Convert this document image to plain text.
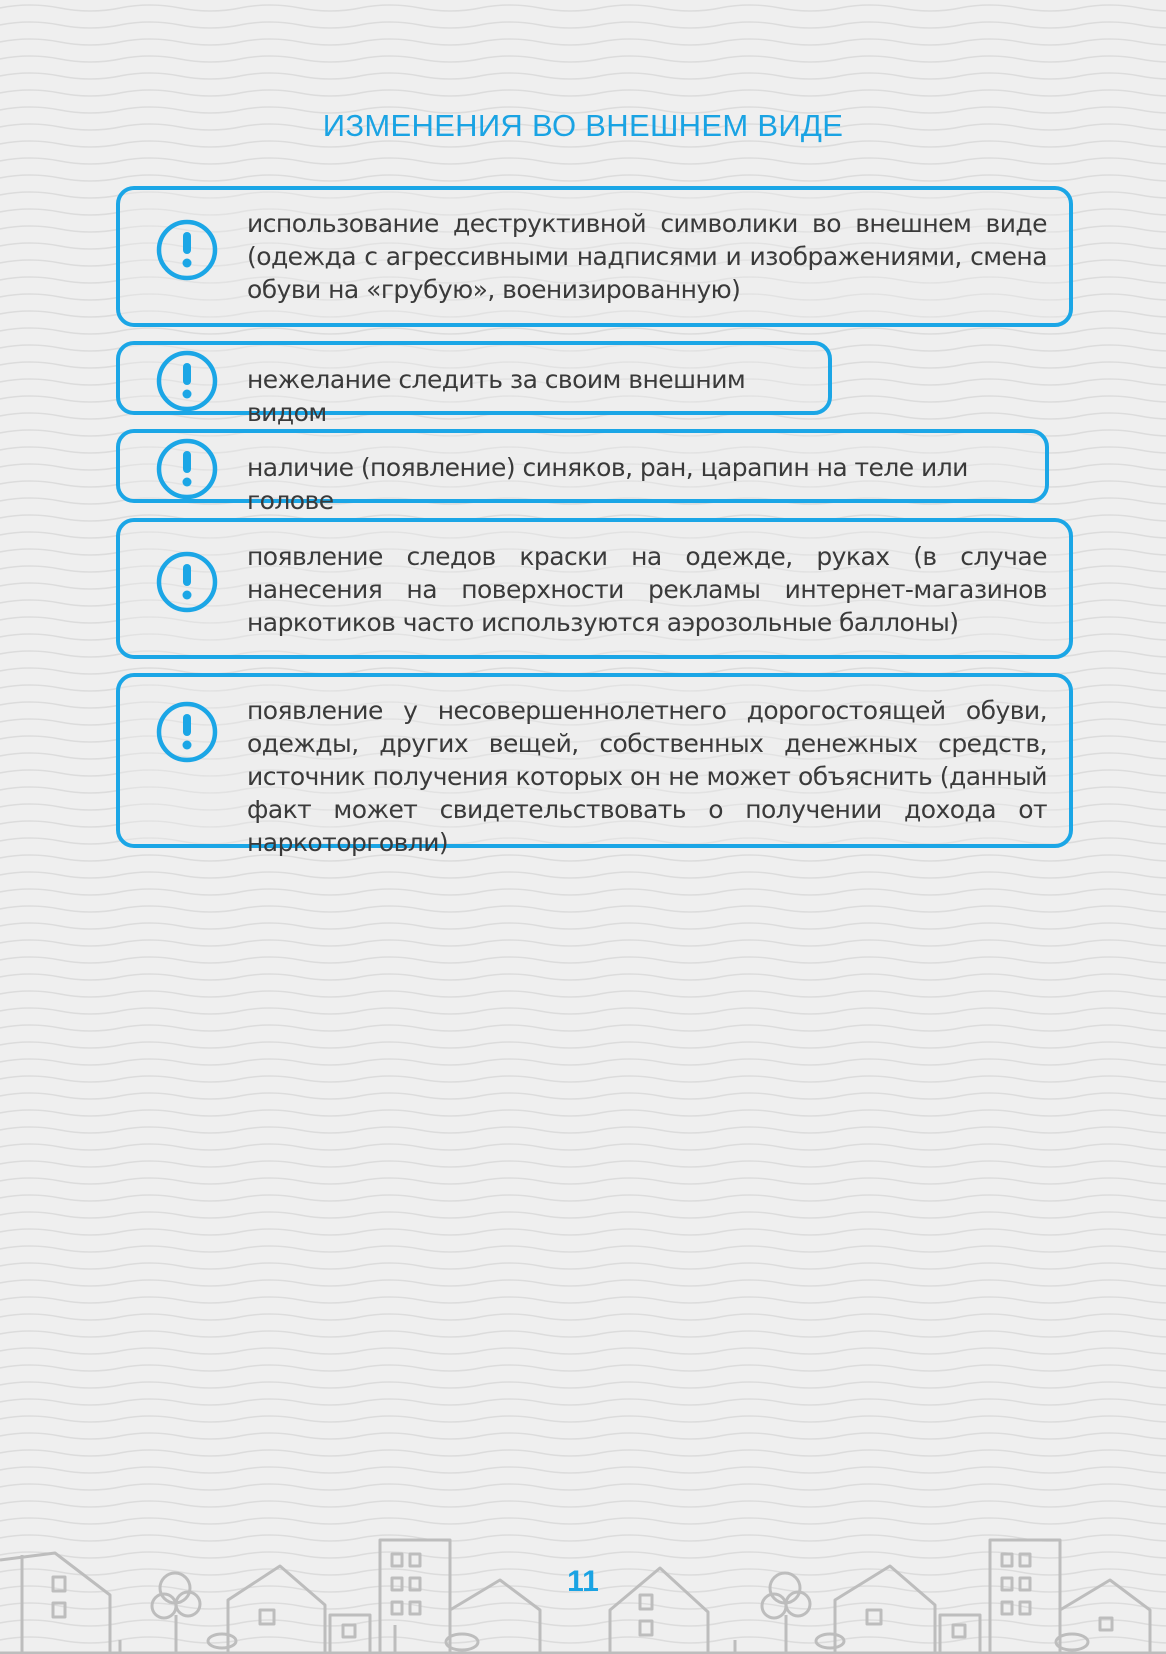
ИЗМЕНЕНИЯ ВО ВНЕШНЕМ ВИДЕ
использование деструктивной символики во внешнем виде (одежда с агрессивными надписями и изображениями, смена обуви на «грубую», военизированную)
нежелание следить за своим внешним видом
наличие (появление) синяков, ран, царапин на теле или голове
появление следов краски на одежде, руках (в случае нанесения на поверхности рекламы интернет-магазинов наркотиков часто используются аэрозольные баллоны)
появление у несовершеннолетнего дорогостоящей обуви, одежды, других вещей, собственных денежных средств, источник получения которых он не может объяснить (данный факт может свидетельствовать о получении дохода от наркоторговли)
11
